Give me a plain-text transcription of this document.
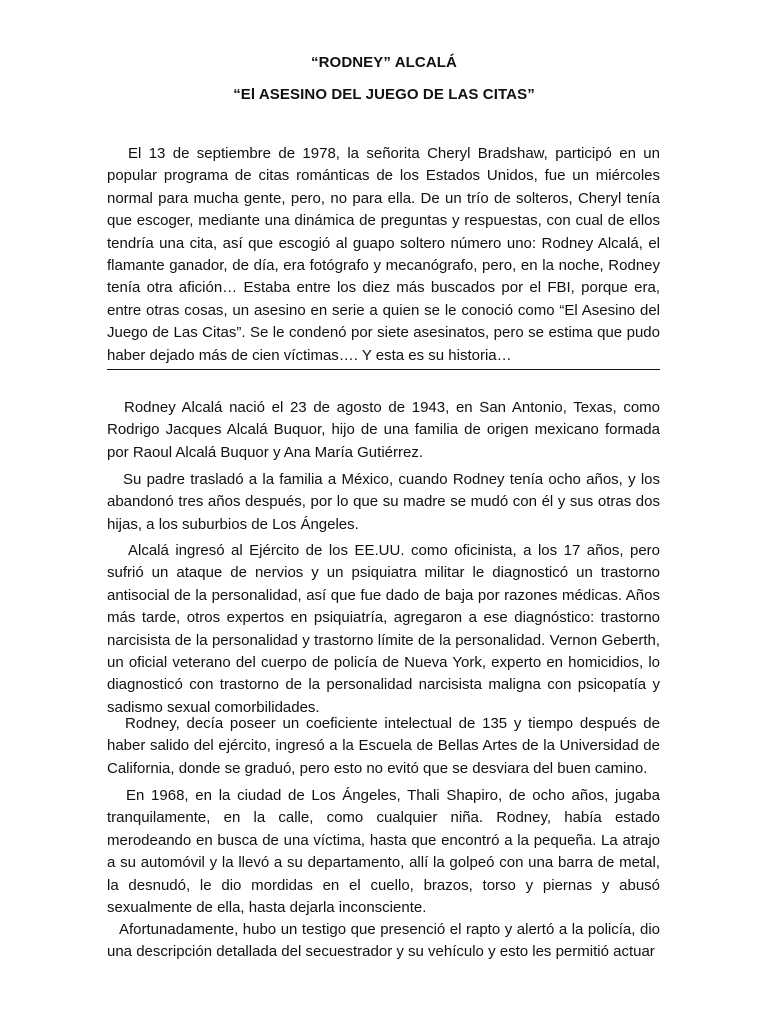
“RODNEY” ALCALÁ
“El ASESINO DEL JUEGO DE LAS CITAS”

El 13 de septiembre de 1978, la señorita Cheryl Bradshaw, participó en un popular programa de citas románticas de los Estados Unidos, fue un miércoles normal para mucha gente, pero, no para ella. De un trío de solteros, Cheryl tenía que escoger, mediante una dinámica de preguntas y respuestas, con cual de ellos tendría una cita, así que escogió al guapo soltero número uno: Rodney Alcalá, el flamante ganador, de día, era fotógrafo y mecanógrafo, pero, en la noche, Rodney tenía otra afición… Estaba entre los diez más buscados por el FBI, porque era, entre otras cosas, un asesino en serie a quien se le conoció como “El Asesino del Juego de Las Citas”. Se le condenó por siete asesinatos, pero se estima que pudo haber dejado más de cien víctimas…. Y esta es su historia…

Rodney Alcalá nació el 23 de agosto de 1943, en San Antonio, Texas, como Rodrigo Jacques Alcalá Buquor, hijo de una familia de origen mexicano formada por Raoul Alcalá Buquor y Ana María Gutiérrez.

Su padre trasladó a la familia a México, cuando Rodney tenía ocho años, y los abandonó tres años después, por lo que su madre se mudó con él y sus otras dos hijas, a los suburbios de Los Ángeles.

Alcalá ingresó al Ejército de los EE.UU. como oficinista, a los 17 años, pero sufrió un ataque de nervios y un psiquiatra militar le diagnosticó un trastorno antisocial de la personalidad, así que fue dado de baja por razones médicas. Años más tarde, otros expertos en psiquiatría, agregaron a ese diagnóstico: trastorno narcisista de la personalidad y trastorno límite de la personalidad. Vernon Geberth, un oficial veterano del cuerpo de policía de Nueva York, experto en homicidios, lo diagnosticó con trastorno de la personalidad narcisista maligna con psicopatía y sadismo sexual comorbilidades.

Rodney, decía poseer un coeficiente intelectual de 135 y tiempo después de haber salido del ejército, ingresó a la Escuela de Bellas Artes de la Universidad de California, donde se graduó, pero esto no evitó que se desviara del buen camino.

En 1968, en la ciudad de Los Ángeles, Thali Shapiro, de ocho años, jugaba tranquilamente, en la calle, como cualquier niña. Rodney, había estado merodeando en busca de una víctima, hasta que encontró a la pequeña. La atrajo a su automóvil y la llevó a su departamento, allí la golpeó con una barra de metal, la desnudó, le dio mordidas en el cuello, brazos, torso y piernas y abusó sexualmente de ella, hasta dejarla inconsciente.

Afortunadamente, hubo un testigo que presenció el rapto y alertó a la policía, dio una descripción detallada del secuestrador y su vehículo y esto les permitió actuar
